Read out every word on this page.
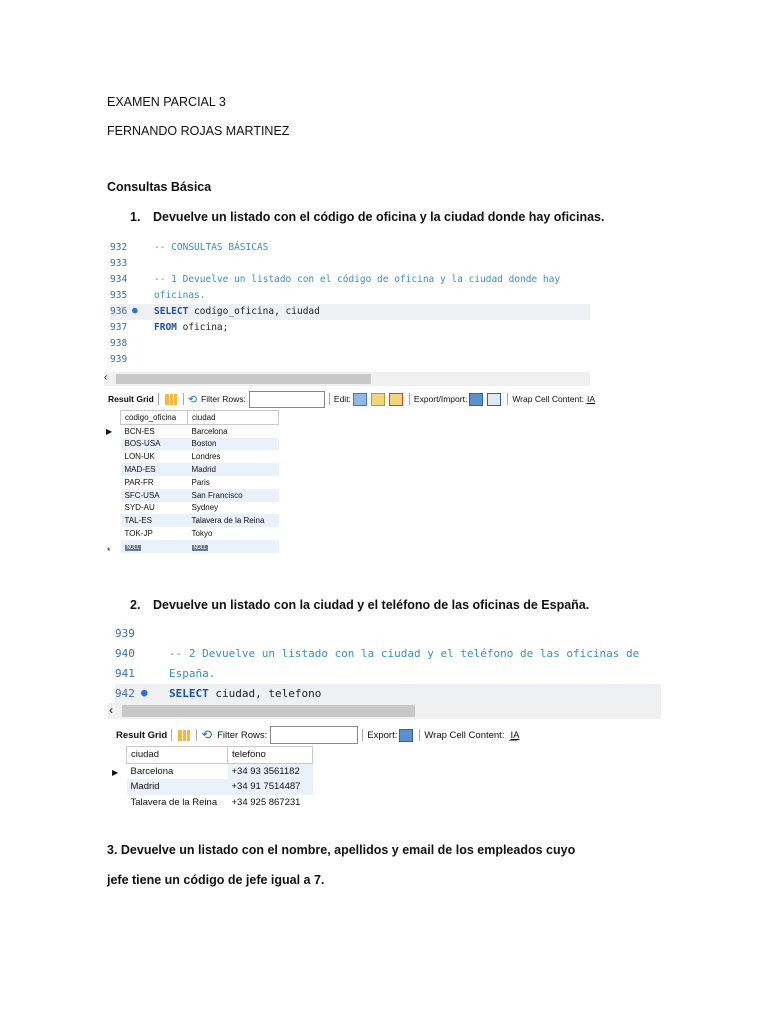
EXAMEN PARCIAL 3
FERNANDO ROJAS MARTINEZ
Consultas Básica
1. Devuelve un listado con el código de oficina y la ciudad donde hay oficinas.
932	-- CONSULTAS BÁSICAS
933
934	-- 1 Devuelve un listado con el código de oficina y la ciudad donde hay oficinas.
935
936 ● SELECT codigo_oficina, ciudad
937	FROM oficina;
938
939
‹
Result Grid	⟲ Filter Rows:	Edit:	Export/Import:	Wrap Cell Content: I͟A
codigo_oficina	ciudad
BCN-ES	Barcelona
BOS-USA	Boston
LON-UK	Londres
MAD-ES	Madrid
PAR-FR	Paris
SFC-USA	San Francisco
SYD-AU	Sydney
TAL-ES	Talavera de la Reina
TOK-JP	Tokyo
NULL	NULL
▶
*
2. Devuelve un listado con la ciudad y el teléfono de las oficinas de España.
939
940	-- 2 Devuelve un listado con la ciudad y el teléfono de las oficinas de España.
941
942 ● SELECT ciudad, telefono
‹
Result Grid	⟲ Filter Rows:	Export:	Wrap Cell Content: I͟A
ciudad	telefono
Barcelona	+34 93 3561182
Madrid	+34 91 7514487
Talavera de la Reina	+34 925 867231
▶
3. Devuelve un listado con el nombre, apellidos y email de los empleados cuyo
jefe tiene un código de jefe igual a 7.
